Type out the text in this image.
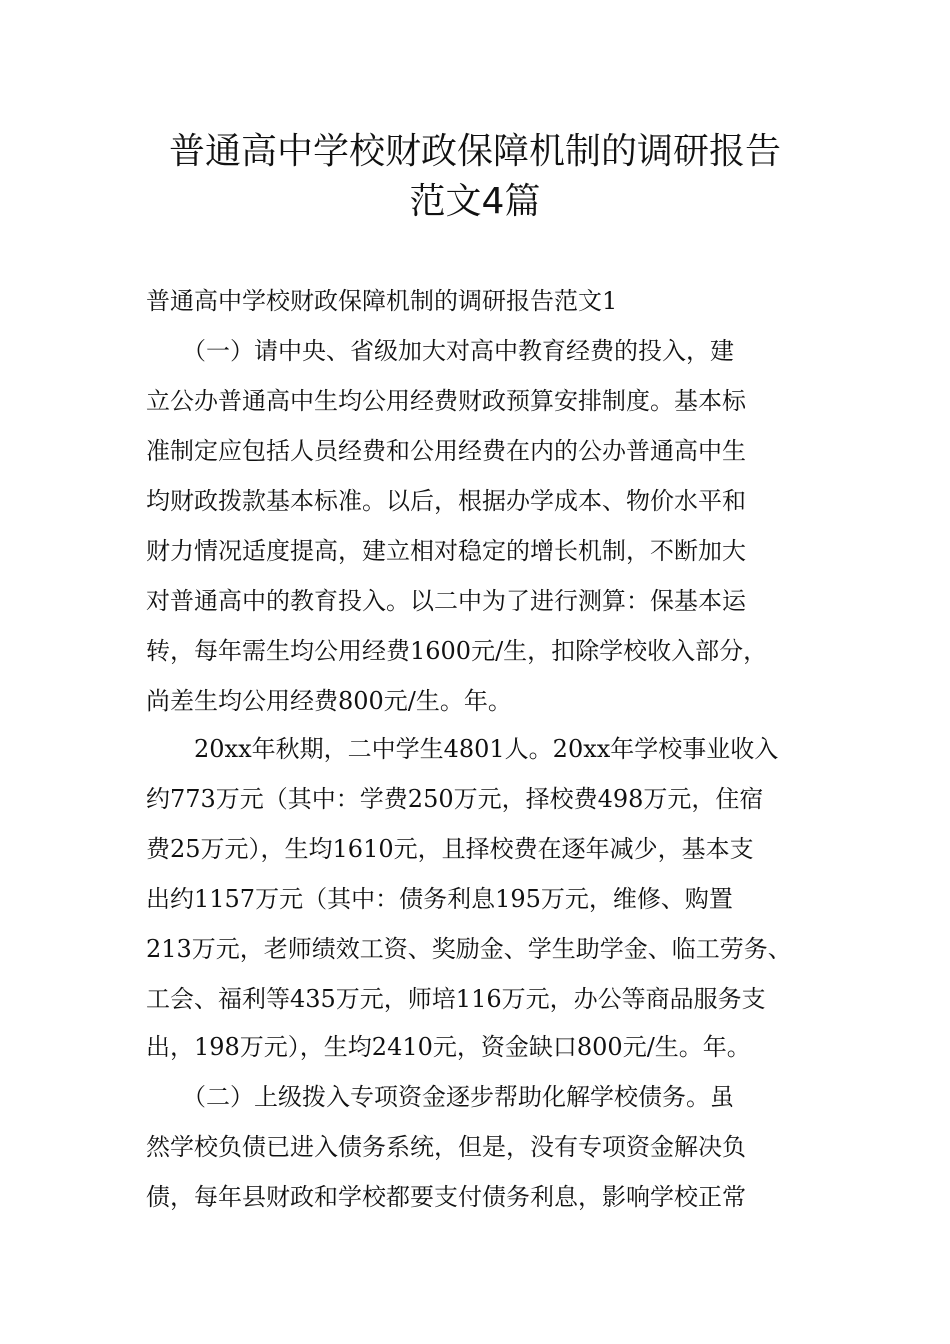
普通高中学校财政保障机制的调研报告
范文4篇

普通高中学校财政保障机制的调研报告范文1

　　（一）请中央、省级加大对高中教育经费的投入，建

立公办普通高中生均公用经费财政预算安排制度。基本标

准制定应包括人员经费和公用经费在内的公办普通高中生

均财政拨款基本标准。以后，根据办学成本、物价水平和

财力情况适度提高，建立相对稳定的增长机制，不断加大

对普通高中的教育投入。以二中为了进行测算：保基本运

转，每年需生均公用经费1600元/生，扣除学校收入部分，

尚差生均公用经费800元/生。年。

　　20xx年秋期，二中学生4801人。20xx年学校事业收入

约773万元（其中：学费250万元，择校费498万元，住宿

费25万元），生均1610元，且择校费在逐年减少，基本支

出约1157万元（其中：债务利息195万元，维修、购置

213万元，老师绩效工资、奖励金、学生助学金、临工劳务、

工会、福利等435万元，师培116万元，办公等商品服务支

出，198万元），生均2410元，资金缺口800元/生。年。

　　（二）上级拨入专项资金逐步帮助化解学校债务。虽

然学校负债已进入债务系统，但是，没有专项资金解决负

债，每年县财政和学校都要支付债务利息，影响学校正常
